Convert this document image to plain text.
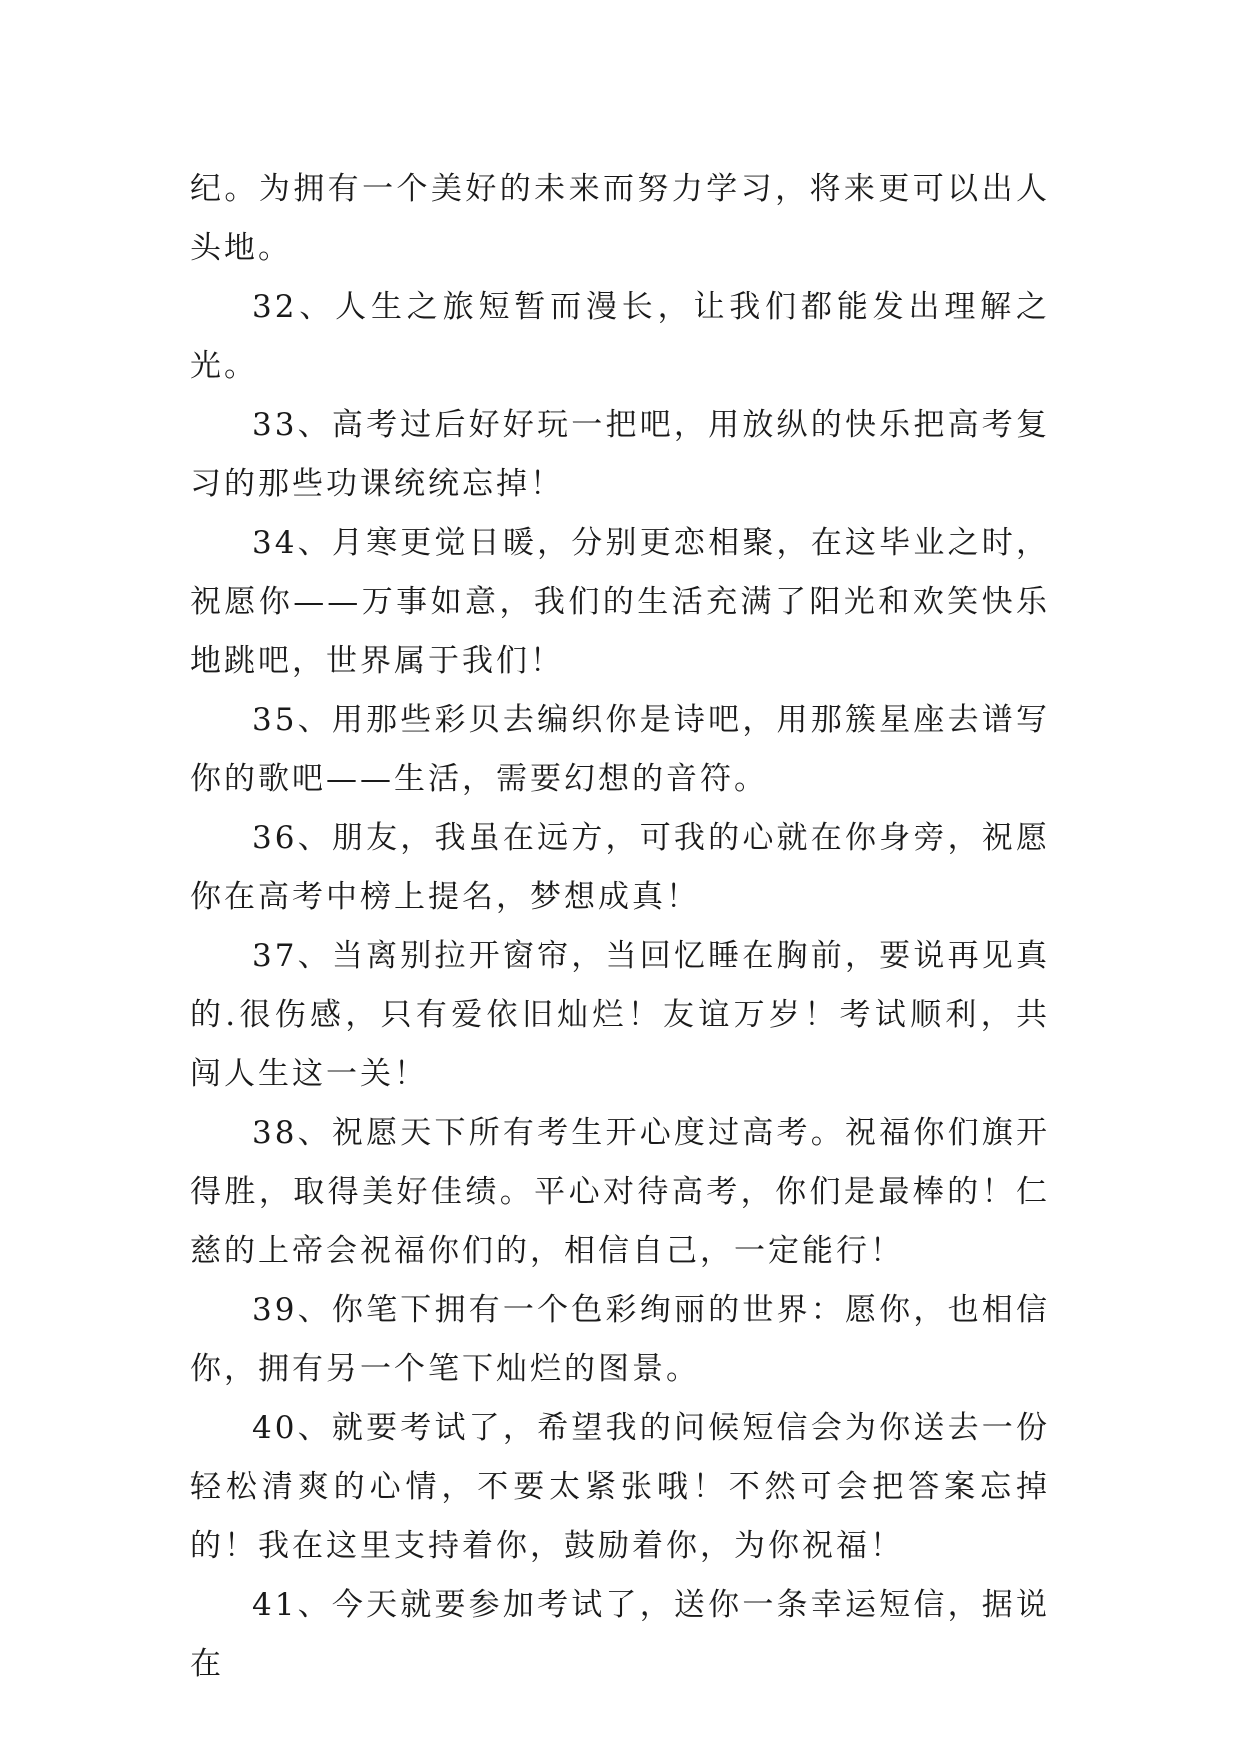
纪。为拥有一个美好的未来而努力学习，将来更可以出人头地。

32、人生之旅短暂而漫长，让我们都能发出理解之光。

33、高考过后好好玩一把吧，用放纵的快乐把高考复习的那些功课统统忘掉！

34、月寒更觉日暖，分别更恋相聚，在这毕业之时，祝愿你——万事如意，我们的生活充满了阳光和欢笑快乐地跳吧，世界属于我们！

35、用那些彩贝去编织你是诗吧，用那簇星座去谱写你的歌吧——生活，需要幻想的音符。

36、朋友，我虽在远方，可我的心就在你身旁，祝愿你在高考中榜上提名，梦想成真！

37、当离别拉开窗帘，当回忆睡在胸前，要说再见真的.很伤感，只有爱依旧灿烂！友谊万岁！考试顺利，共闯人生这一关！

38、祝愿天下所有考生开心度过高考。祝福你们旗开得胜，取得美好佳绩。平心对待高考，你们是最棒的！仁慈的上帝会祝福你们的，相信自己，一定能行！

39、你笔下拥有一个色彩绚丽的世界：愿你，也相信你，拥有另一个笔下灿烂的图景。

40、就要考试了，希望我的问候短信会为你送去一份轻松清爽的心情，不要太紧张哦！不然可会把答案忘掉的！我在这里支持着你，鼓励着你，为你祝福！

41、今天就要参加考试了，送你一条幸运短信，据说在
